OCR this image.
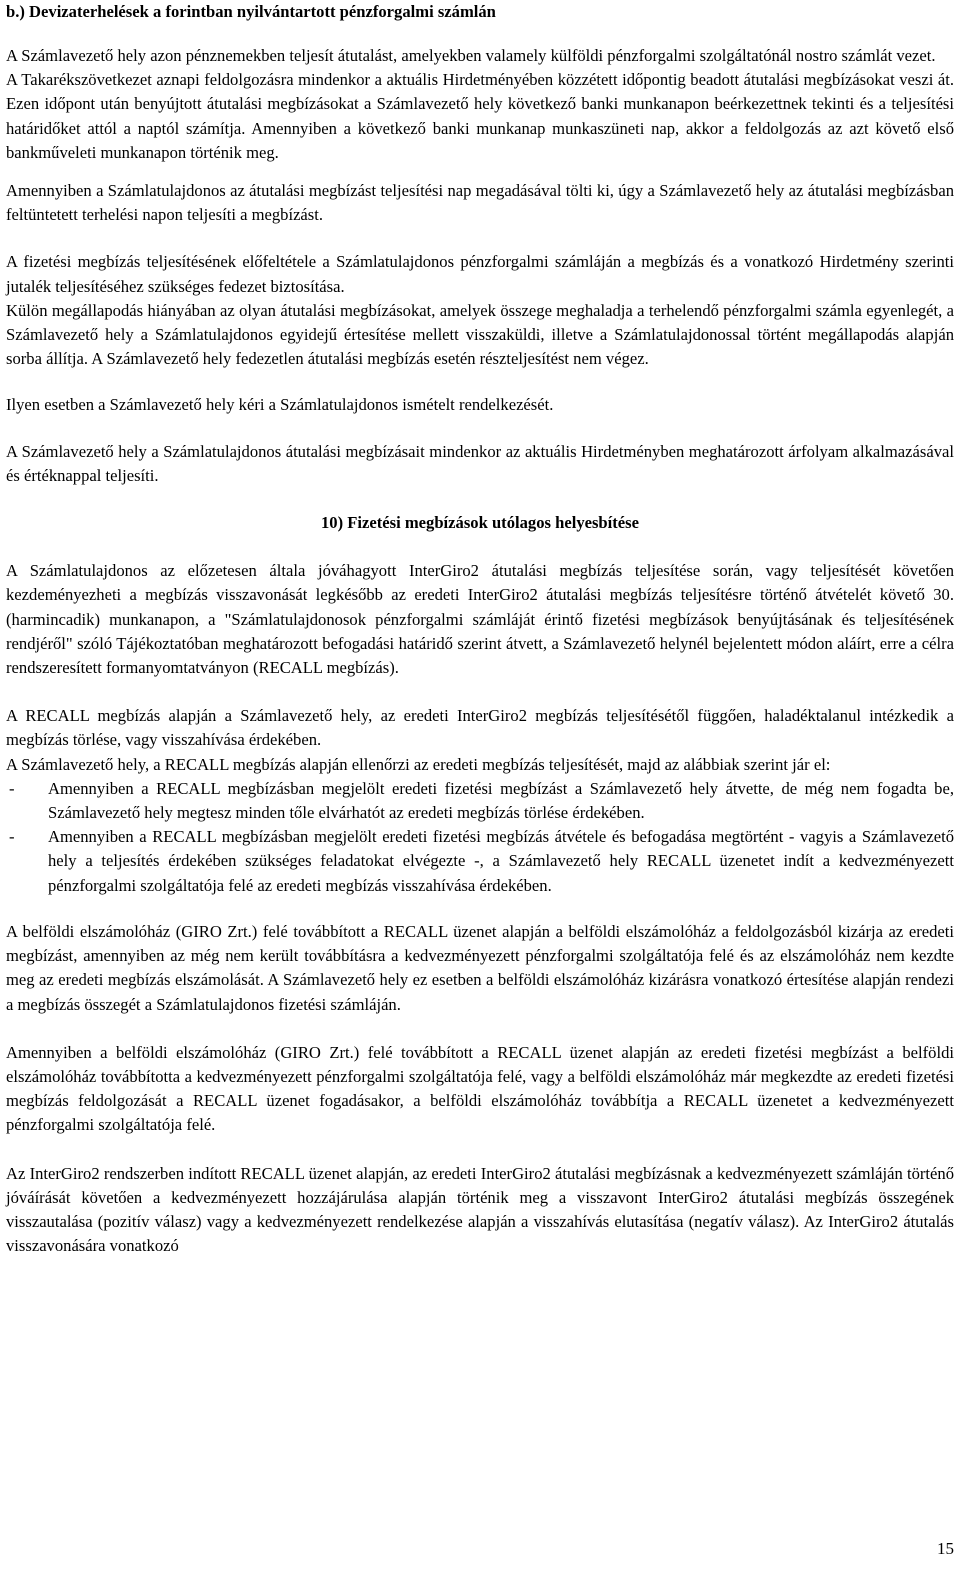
b.) Devizaterhelések a forintban nyilvántartott pénzforgalmi számlán

A Számlavezető hely azon pénznemekben teljesít átutalást, amelyekben valamely külföldi pénzforgalmi szolgáltatónál nostro számlát vezet.

A Takarékszövetkezet aznapi feldolgozásra mindenkor a aktuális Hirdetményében közzétett időpontig beadott átutalási megbízásokat veszi át. Ezen időpont után benyújtott átutalási megbízásokat a Számlavezető hely következő banki munkanapon beérkezettnek tekinti és a teljesítési határidőket attól a naptól számítja. Amennyiben a következő banki munkanap munkaszüneti nap, akkor a feldolgozás az azt követő első bankműveleti munkanapon történik meg.

Amennyiben a Számlatulajdonos az átutalási megbízást teljesítési nap megadásával tölti ki, úgy a Számlavezető hely az átutalási megbízásban feltüntetett terhelési napon teljesíti a megbízást.

A fizetési megbízás teljesítésének előfeltétele a Számlatulajdonos pénzforgalmi számláján a megbízás és a vonatkozó Hirdetmény szerinti jutalék teljesítéséhez szükséges fedezet biztosítása.

Külön megállapodás hiányában az olyan átutalási megbízásokat, amelyek összege meghaladja a terhelendő pénzforgalmi számla egyenlegét, a Számlavezető hely a Számlatulajdonos egyidejű értesítése mellett visszaküldi, illetve a Számlatulajdonossal történt megállapodás alapján sorba állítja. A Számlavezető hely fedezetlen átutalási megbízás esetén részteljesítést nem végez.

Ilyen esetben a Számlavezető hely kéri a Számlatulajdonos ismételt rendelkezését.

A Számlavezető hely a Számlatulajdonos átutalási megbízásait mindenkor az aktuális Hirdetményben meghatározott árfolyam alkalmazásával és értéknappal teljesíti.

10) Fizetési megbízások utólagos helyesbítése

A Számlatulajdonos az előzetesen általa jóváhagyott InterGiro2 átutalási megbízás teljesítése során, vagy teljesítését követően kezdeményezheti a megbízás visszavonását legkésőbb az eredeti InterGiro2 átutalási megbízás teljesítésre történő átvételét követő 30. (harmincadik) munkanapon, a "Számlatulajdonosok pénzforgalmi számláját érintő fizetési megbízások benyújtásának és teljesítésének rendjéről" szóló Tájékoztatóban meghatározott befogadási határidő szerint átvett, a Számlavezető helynél bejelentett módon aláírt, erre a célra rendszeresített formanyomtatványon (RECALL megbízás).

A RECALL megbízás alapján a Számlavezető hely, az eredeti InterGiro2 megbízás teljesítésétől függően, haladéktalanul intézkedik a megbízás törlése, vagy visszahívása érdekében.

A Számlavezető hely, a RECALL megbízás alapján ellenőrzi az eredeti megbízás teljesítését, majd az alábbiak szerint jár el:

- Amennyiben a RECALL megbízásban megjelölt eredeti fizetési megbízást a Számlavezető hely átvette, de még nem fogadta be, Számlavezető hely megtesz minden tőle elvárhatót az eredeti megbízás törlése érdekében.
- Amennyiben a RECALL megbízásban megjelölt eredeti fizetési megbízás átvétele és befogadása megtörtént - vagyis a Számlavezető hely a teljesítés érdekében szükséges feladatokat elvégezte -, a Számlavezető hely RECALL üzenetet indít a kedvezményezett pénzforgalmi szolgáltatója felé az eredeti megbízás visszahívása érdekében.

A belföldi elszámolóház (GIRO Zrt.) felé továbbított a RECALL üzenet alapján a belföldi elszámolóház a feldolgozásból kizárja az eredeti megbízást, amennyiben az még nem került továbbításra a kedvezményezett pénzforgalmi szolgáltatója felé és az elszámolóház nem kezdte meg az eredeti megbízás elszámolását. A Számlavezető hely ez esetben a belföldi elszámolóház kizárásra vonatkozó értesítése alapján rendezi a megbízás összegét a Számlatulajdonos fizetési számláján.

Amennyiben a belföldi elszámolóház (GIRO Zrt.) felé továbbított a RECALL üzenet alapján az eredeti fizetési megbízást a belföldi elszámolóház továbbította a kedvezményezett pénzforgalmi szolgáltatója felé, vagy a belföldi elszámolóház már megkezdte az eredeti fizetési megbízás feldolgozását a RECALL üzenet fogadásakor, a belföldi elszámolóház továbbítja a RECALL üzenetet a kedvezményezett pénzforgalmi szolgáltatója felé.

Az InterGiro2 rendszerben indított RECALL üzenet alapján, az eredeti InterGiro2 átutalási megbízásnak a kedvezményezett számláján történő jóváírását követően a kedvezményezett hozzájárulása alapján történik meg a visszavont InterGiro2 átutalási megbízás összegének visszautalása (pozitív válasz) vagy a kedvezményezett rendelkezése alapján a visszahívás elutasítása (negatív válasz). Az InterGiro2 átutalás visszavonására vonatkozó

15
